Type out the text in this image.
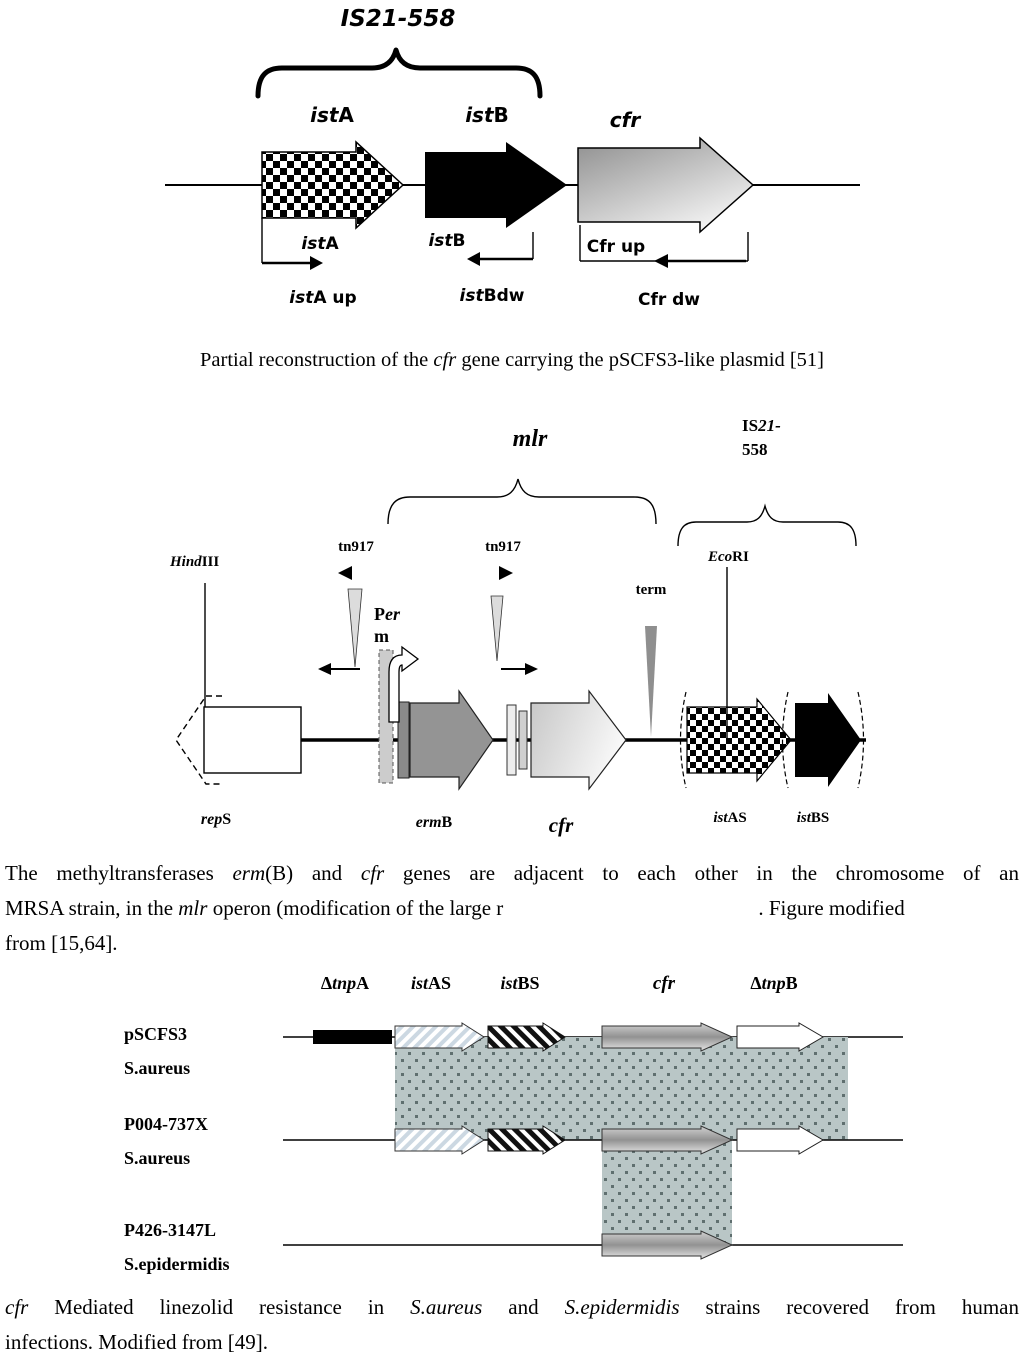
IS21-558
istA	istB	cfr
istA	istB	Cfr up
istA up	istBdw	Cfr dw

Partial reconstruction of the cfr gene carrying the pSCFS3-like plasmid [51]

mlr
IS21-
558
tn917	tn917
HindIII	EcoRI
term
Per
m
repS	ermB	cfr	istAS	istBS
The methyltransferases erm(B) and cfr genes are adjacent to each other in the chromosome of an
MRSA strain, in the mlr operon (modification of the large r	. Figure modified
from [15,64].
ΔtnpA istAS	istBS	cfr	ΔtnpB
pSCFS3
S.aureus
P004-737X
S.aureus
P426-3147L
S.epidermidis
cfr Mediated linezolid resistance in S.aureus and S.epidermidis strains recovered from human
infections. Modified from [49].
